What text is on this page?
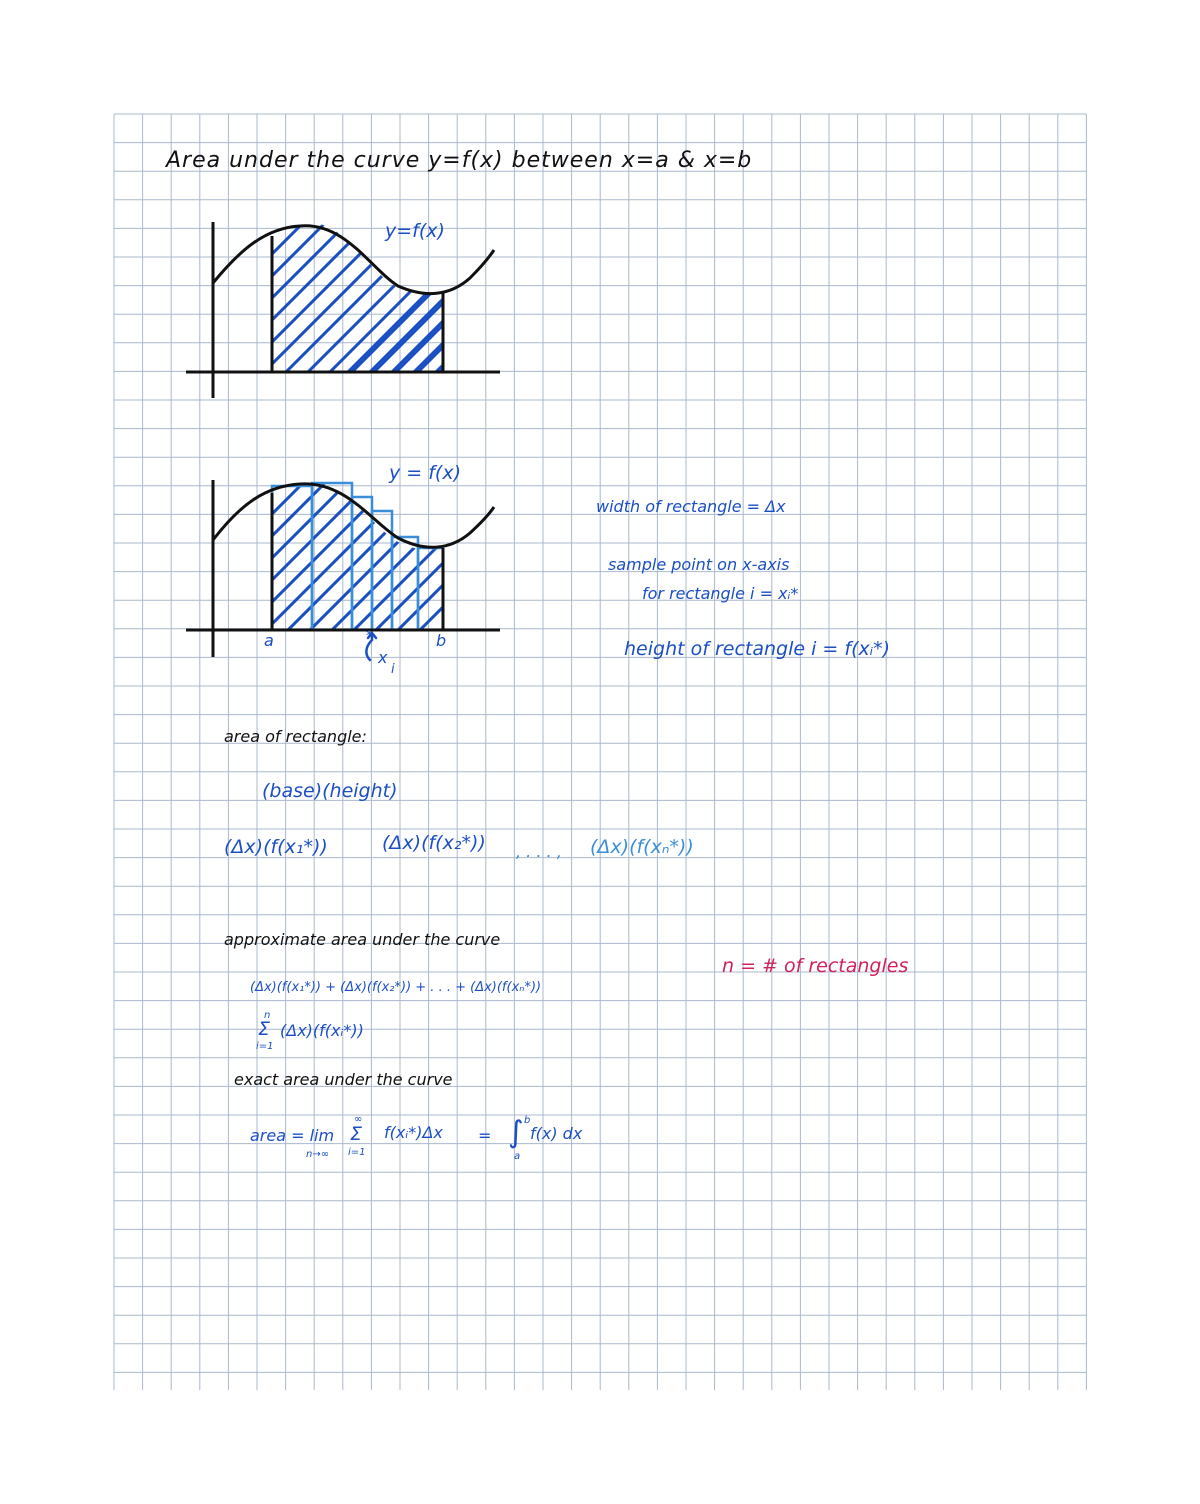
Area under the curve y=f(x) between x=a & x=b
y=f(x)
y = f(x)
a	b
*
x
i
width of rectangle = Δx
sample point on x-axis
for rectangle i = xᵢ*
height of rectangle i = f(xᵢ*)
area of rectangle:
(base)(height)
(Δx)(f(x₁*))	(Δx)(f(x₂*)) , . . . , (Δx)(f(xₙ*))
approximate area under the curve
(Δx)(f(x₁*)) + (Δx)(f(x₂*)) + . . . + (Δx)(f(xₙ*))
n
Σ
i=1
(Δx)(f(xᵢ*))
n = # of rectangles
exact area under the curve
area = lim
n→∞
∞
Σ
i=1
f(xᵢ*)Δx =
b
∫
a
f(x) dx
